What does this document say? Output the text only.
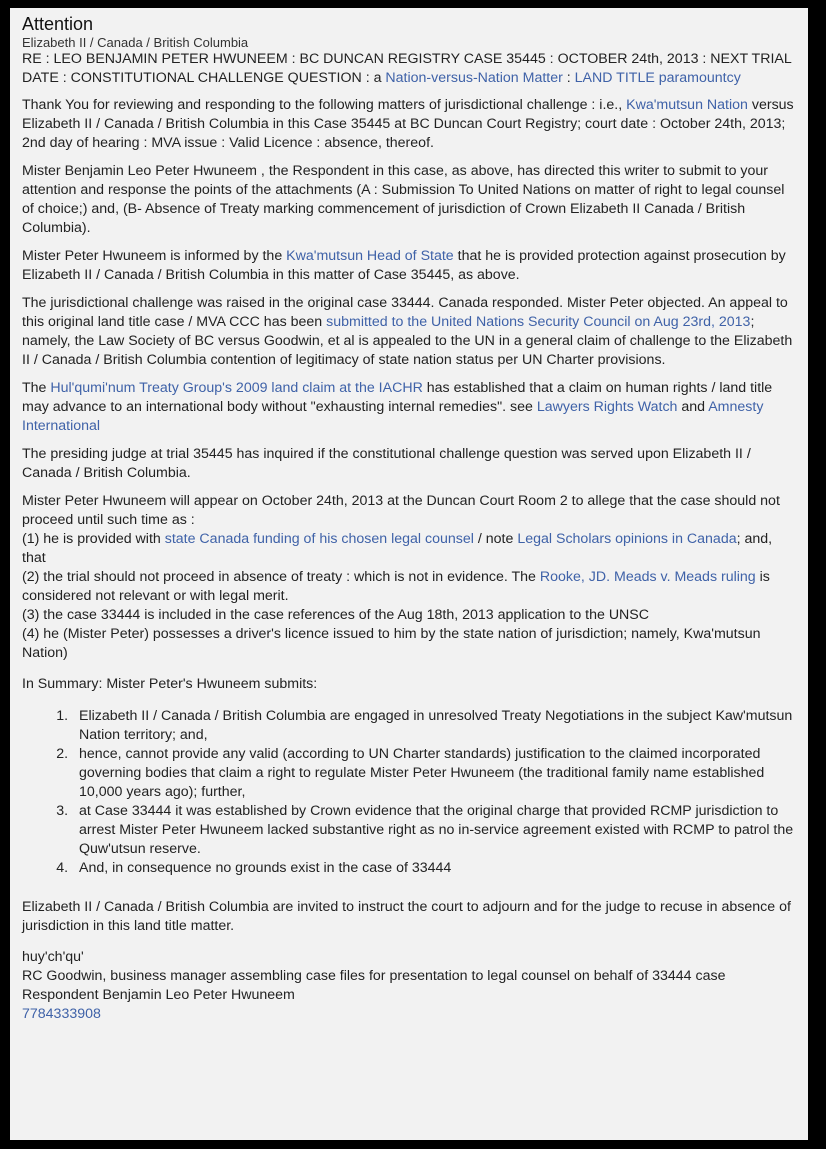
Attention
Elizabeth II / Canada / British Columbia
RE : LEO BENJAMIN PETER HWUNEEM : BC DUNCAN REGISTRY CASE 35445 : OCTOBER 24th, 2013 : NEXT TRIAL DATE : CONSTITUTIONAL CHALLENGE QUESTION : a Nation-versus-Nation Matter : LAND TITLE paramountcy

Thank You for reviewing and responding to the following matters of jurisdictional challenge : i.e., Kwa'mutsun Nation versus Elizabeth II / Canada / British Columbia in this Case 35445 at BC Duncan Court Registry; court date : October 24th, 2013; 2nd day of hearing : MVA issue : Valid Licence : absence, thereof.

Mister Benjamin Leo Peter Hwuneem , the Respondent in this case, as above, has directed this writer to submit to your attention and response the points of the attachments (A : Submission To United Nations on matter of right to legal counsel of choice;) and, (B- Absence of Treaty marking commencement of jurisdiction of Crown Elizabeth II Canada / British Columbia).

Mister Peter Hwuneem is informed by the Kwa'mutsun Head of State that he is provided protection against prosecution by Elizabeth II / Canada / British Columbia in this matter of Case 35445, as above.

The jurisdictional challenge was raised in the original case 33444. Canada responded. Mister Peter objected. An appeal to this original land title case / MVA CCC has been submitted to the United Nations Security Council on Aug 23rd, 2013; namely, the Law Society of BC versus Goodwin, et al is appealed to the UN in a general claim of challenge to the Elizabeth II / Canada / British Columbia contention of legitimacy of state nation status per UN Charter provisions.

The Hul'qumi'num Treaty Group's 2009 land claim at the IACHR has established that a claim on human rights / land title may advance to an international body without "exhausting internal remedies". see Lawyers Rights Watch and Amnesty International

The presiding judge at trial 35445 has inquired if the constitutional challenge question was served upon Elizabeth II / Canada / British Columbia.

Mister Peter Hwuneem will appear on October 24th, 2013 at the Duncan Court Room 2 to allege that the case should not proceed until such time as :
(1) he is provided with state Canada funding of his chosen legal counsel / note Legal Scholars opinions in Canada; and, that
(2) the trial should not proceed in absence of treaty : which is not in evidence. The Rooke, JD. Meads v. Meads ruling is considered not relevant or with legal merit.
(3) the case 33444 is included in the case references of the Aug 18th, 2013 application to the UNSC
(4) he (Mister Peter) possesses a driver's licence issued to him by the state nation of jurisdiction; namely, Kwa'mutsun Nation)

In Summary: Mister Peter's Hwuneem submits:

1. Elizabeth II / Canada / British Columbia are engaged in unresolved Treaty Negotiations in the subject Kaw'mutsun Nation territory; and,
2. hence, cannot provide any valid (according to UN Charter standards) justification to the claimed incorporated governing bodies that claim a right to regulate Mister Peter Hwuneem (the traditional family name established 10,000 years ago); further,
3. at Case 33444 it was established by Crown evidence that the original charge that provided RCMP jurisdiction to arrest Mister Peter Hwuneem lacked substantive right as no in-service agreement existed with RCMP to patrol the Quw'utsun reserve.
4. And, in consequence no grounds exist in the case of 33444

Elizabeth II / Canada / British Columbia are invited to instruct the court to adjourn and for the judge to recuse in absence of jurisdiction in this land title matter.

huy'ch'qu'

RC Goodwin, business manager assembling case files for presentation to legal counsel on behalf of 33444 case

Respondent Benjamin Leo Peter Hwuneem

7784333908
